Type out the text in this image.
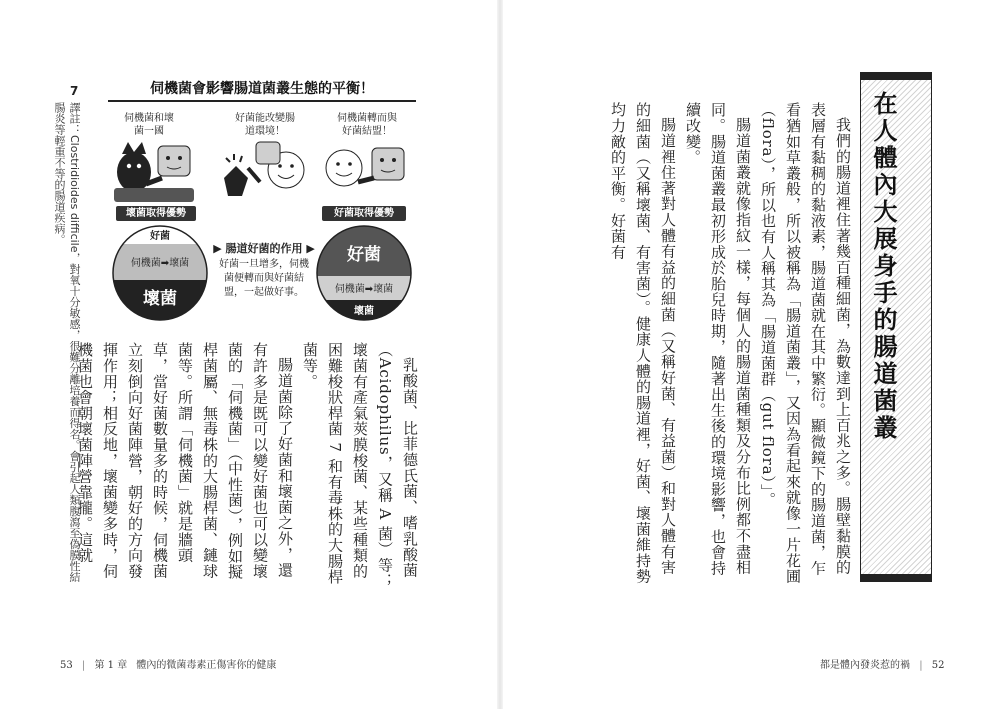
在人體內大展身手的腸道菌叢
我們的腸道裡住著幾百種細菌，為數達到上百兆之多。腸壁黏膜的表層有黏稠的黏液素，腸道菌就在其中繁衍。顯微鏡下的腸道菌，乍看猶如草叢般，所以被稱為「腸道菌叢」，又因為看起來就像一片花圃（flora），所以也有人稱其為「腸道菌群（gut flora）」。
腸道菌叢就像指紋一樣，每個人的腸道菌種類及分布比例都不盡相同。腸道菌叢最初形成於胎兒時期，隨著出生後的環境影響，也會持續改變。
腸道裡住著對人體有益的細菌（又稱好菌、有益菌）和對人體有害的細菌（又稱壞菌、有害菌）。健康人體的腸道裡，好菌、壞菌維持勢均力敵的平衡。好菌有
都是體內發炎惹的禍 | 52
伺機菌會影響腸道菌叢生態的平衡！
伺機菌和壞菌一國
好菌能改變腸道環境！
伺機菌轉而與好菌結盟！
壞菌取得優勢	好菌取得優勢
好菌
伺機菌➡壞菌
壞菌
▶ 腸道好菌的作用 ▶
好菌一旦增多，伺機菌便轉而與好菌結盟，一起做好事。
好菌
伺機菌➡壞菌
壞菌
乳酸菌、比菲德氏菌、嗜乳酸菌（Acidophilus，又稱 A 菌）等；壞菌有產氣莢膜梭菌、某些種類的困難梭狀桿菌 7 和有毒株的大腸桿菌等。
腸道菌除了好菌和壞菌之外，還有許多是既可以變好菌也可以變壞菌的「伺機菌」（中性菌），例如擬桿菌屬、無毒株的大腸桿菌、鏈球菌等。所謂「伺機菌」就是牆頭草，當好菌數量多的時候，伺機菌立刻倒向好菌陣營，朝好的方向發揮作用；相反地，壞菌變多時，伺機菌也會朝壞菌陣營靠攏。這就
7
譯註：Clostridioides difficile，對氧十分敏感，很難分離培養而得名。會引起人類腹瀉至偽膜性結腸炎等輕重不等的腸道疾病。
53 | 第 1 章 體內的微菌毒素正傷害你的健康
